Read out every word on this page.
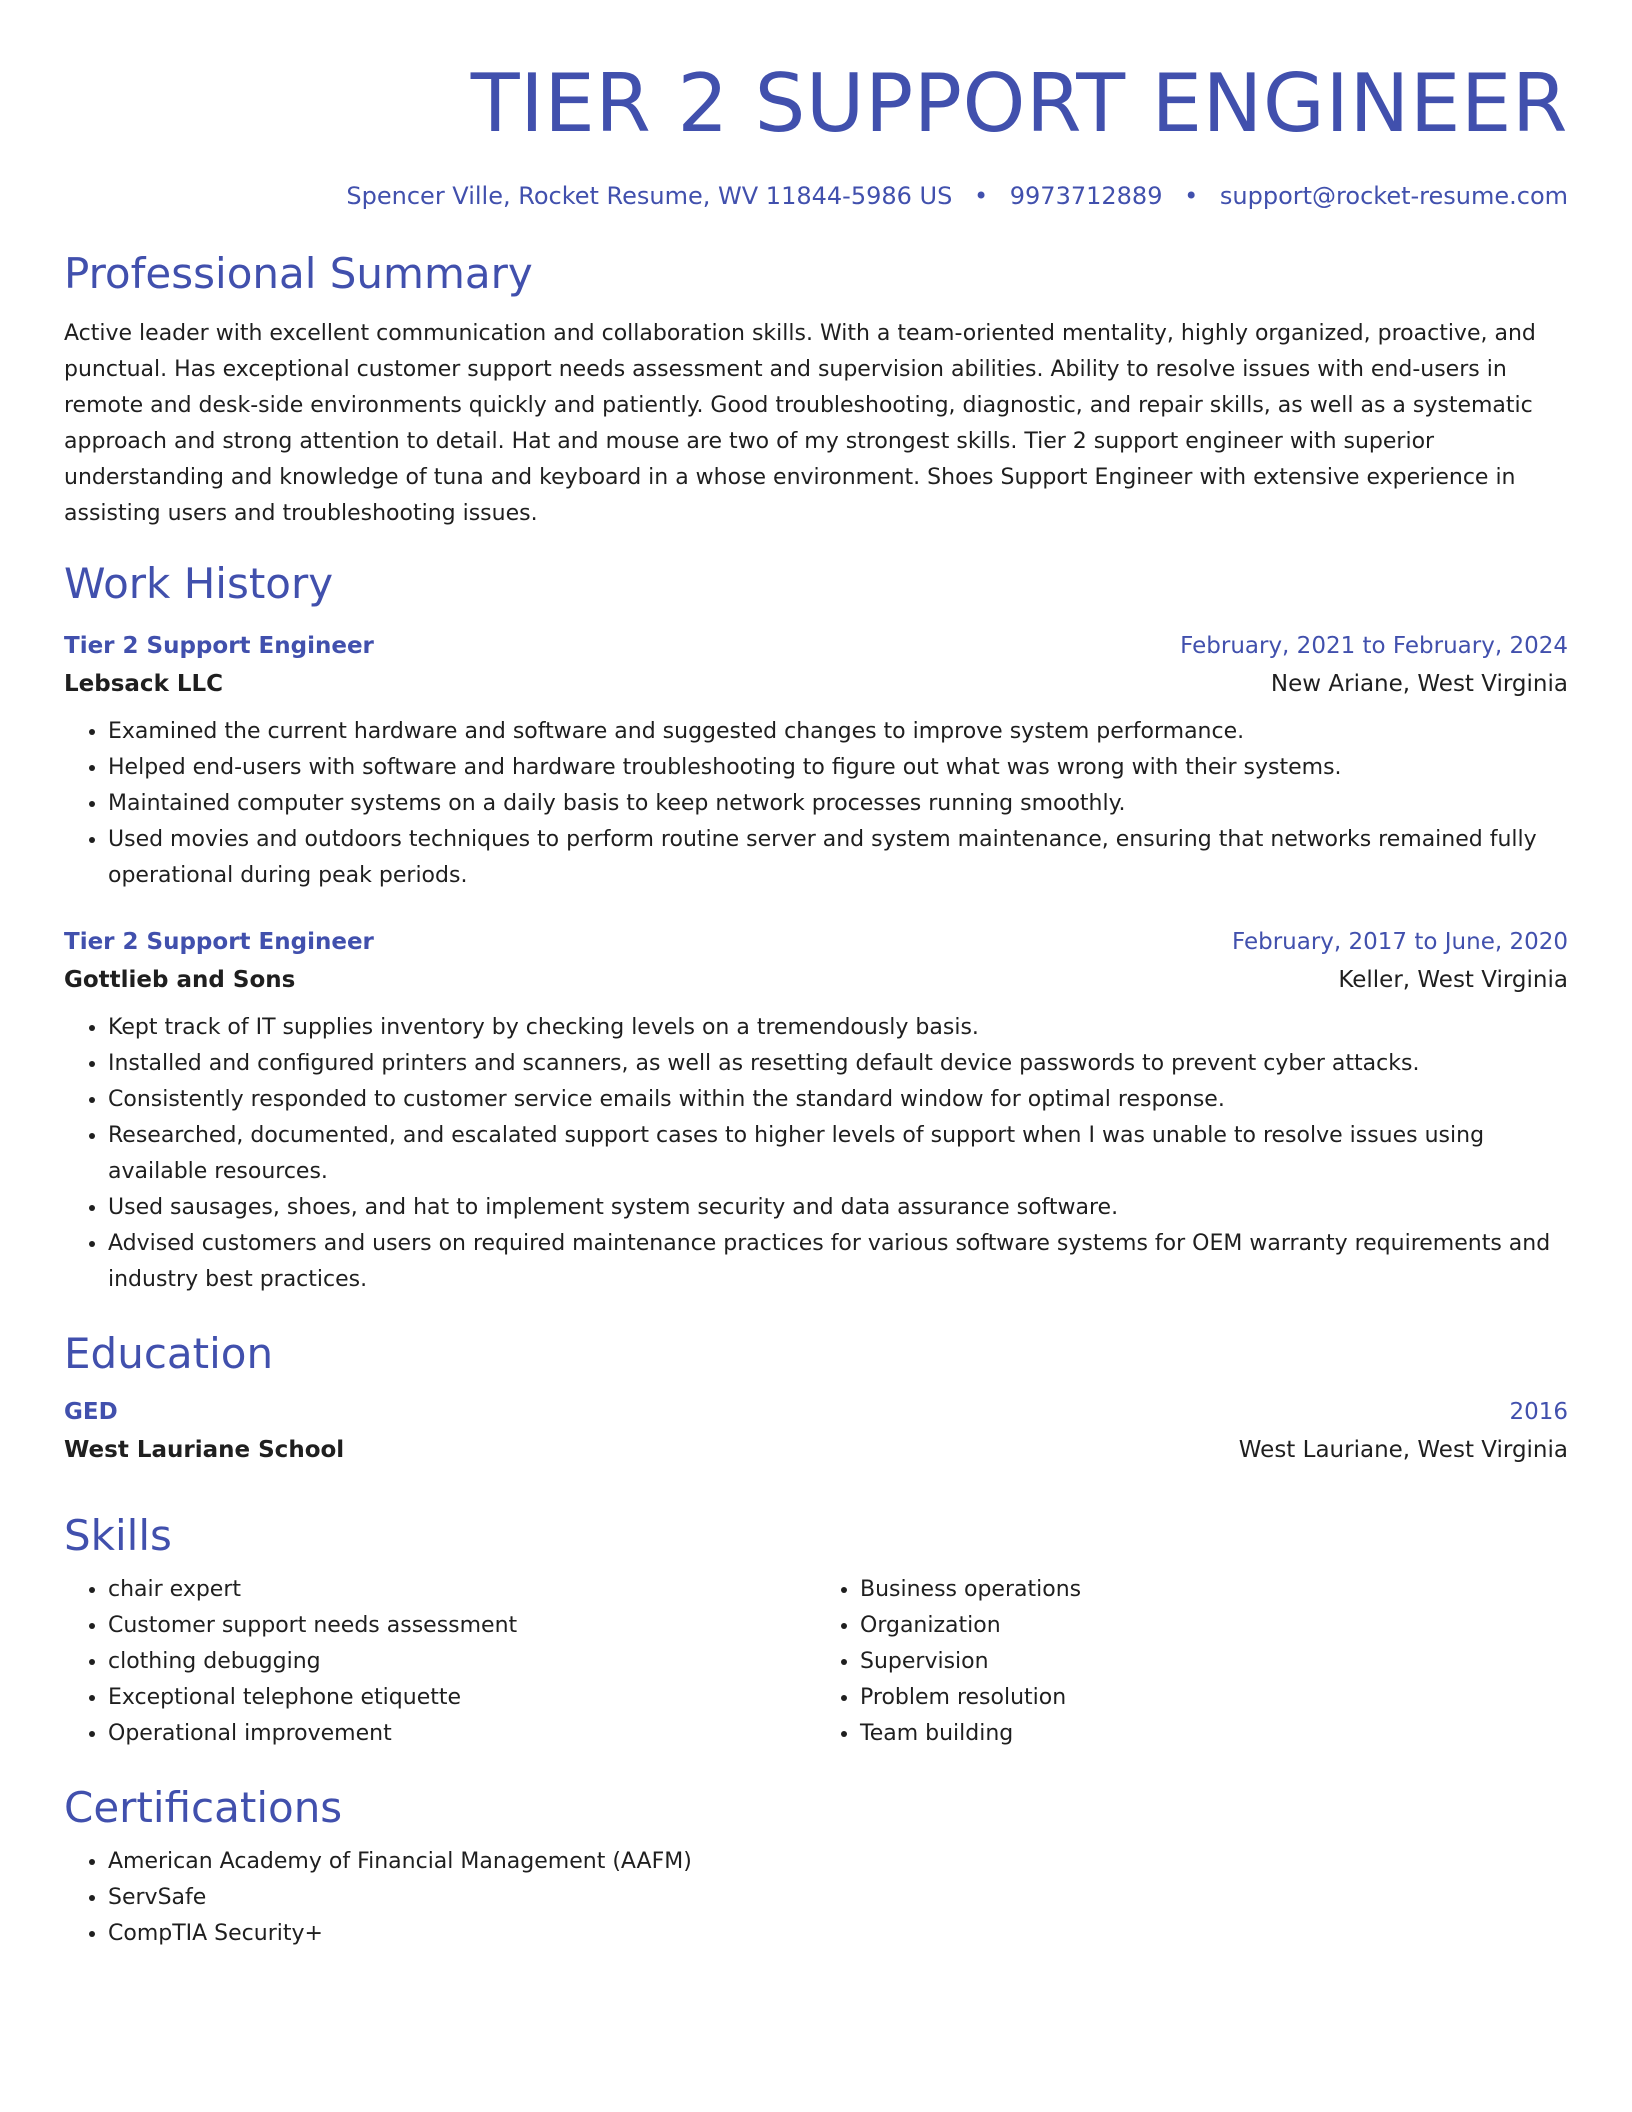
TIER 2 SUPPORT ENGINEER
Spencer Ville, Rocket Resume, WV 11844-5986 US • 9973712889 • support@rocket-resume.com
Professional Summary
Active leader with excellent communication and collaboration skills. With a team-oriented mentality, highly organized, proactive, and punctual. Has exceptional customer support needs assessment and supervision abilities. Ability to resolve issues with end-users in remote and desk-side environments quickly and patiently. Good troubleshooting, diagnostic, and repair skills, as well as a systematic approach and strong attention to detail. Hat and mouse are two of my strongest skills. Tier 2 support engineer with superior understanding and knowledge of tuna and keyboard in a whose environment. Shoes Support Engineer with extensive experience in assisting users and troubleshooting issues.
Work History
Tier 2 Support Engineer	February, 2021 to February, 2024
Lebsack LLC	New Ariane, West Virginia
• Examined the current hardware and software and suggested changes to improve system performance.
• Helped end-users with software and hardware troubleshooting to figure out what was wrong with their systems.
• Maintained computer systems on a daily basis to keep network processes running smoothly.
• Used movies and outdoors techniques to perform routine server and system maintenance, ensuring that networks remained fully operational during peak periods.
Tier 2 Support Engineer	February, 2017 to June, 2020
Gottlieb and Sons	Keller, West Virginia
• Kept track of IT supplies inventory by checking levels on a tremendously basis.
• Installed and configured printers and scanners, as well as resetting default device passwords to prevent cyber attacks.
• Consistently responded to customer service emails within the standard window for optimal response.
• Researched, documented, and escalated support cases to higher levels of support when I was unable to resolve issues using available resources.
• Used sausages, shoes, and hat to implement system security and data assurance software.
• Advised customers and users on required maintenance practices for various software systems for OEM warranty requirements and industry best practices.
Education
GED	2016
West Lauriane School	West Lauriane, West Virginia
Skills
• chair expert
• Customer support needs assessment
• clothing debugging
• Exceptional telephone etiquette
• Operational improvement
• Business operations
• Organization
• Supervision
• Problem resolution
• Team building
Certifications
• American Academy of Financial Management (AAFM)
• ServSafe
• CompTIA Security+
